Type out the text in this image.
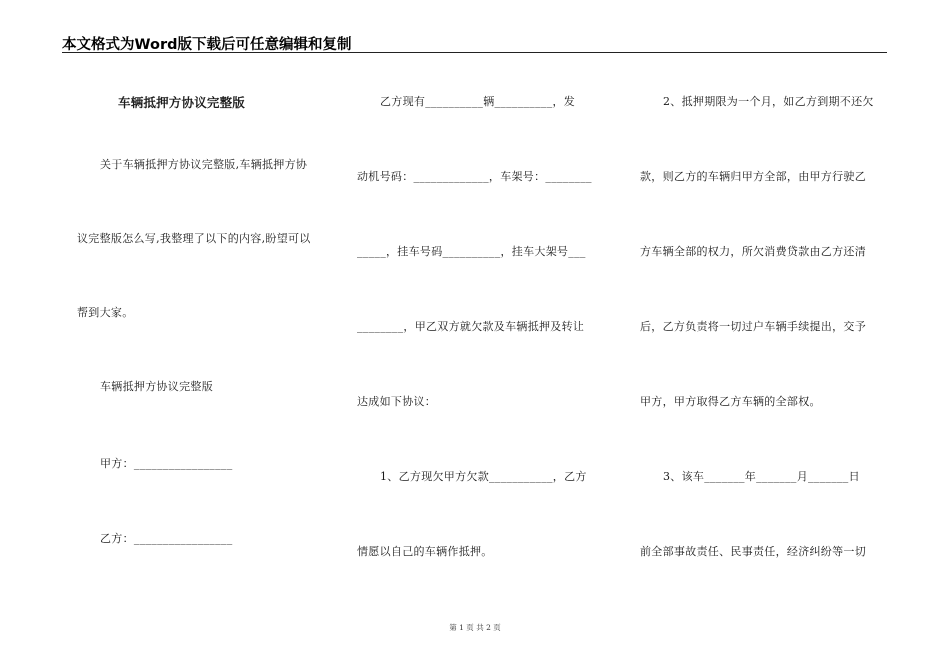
本文格式为Word版下载后可任意编辑和复制
车辆抵押方协议完整版
关于车辆抵押方协议完整版,车辆抵押方协
议完整版怎么写,我整理了以下的内容,盼望可以
帮到大家。
车辆抵押方协议完整版
甲方：_________________
乙方：_________________
乙方现有__________辆__________，发
动机号码：_____________，车架号：________
_____，挂车号码__________，挂车大架号___
________，甲乙双方就欠款及车辆抵押及转让
达成如下协议：
1、乙方现欠甲方欠款___________，乙方
情愿以自己的车辆作抵押。
2、抵押期限为一个月，如乙方到期不还欠
款，则乙方的车辆归甲方全部，由甲方行驶乙
方车辆全部的权力，所欠消费贷款由乙方还清
后，乙方负责将一切过户车辆手续提出，交予
甲方，甲方取得乙方车辆的全部权。
3、该车_______年_______月_______日
前全部事故责任、民事责任，经济纠纷等一切
第 1 页 共 2 页
